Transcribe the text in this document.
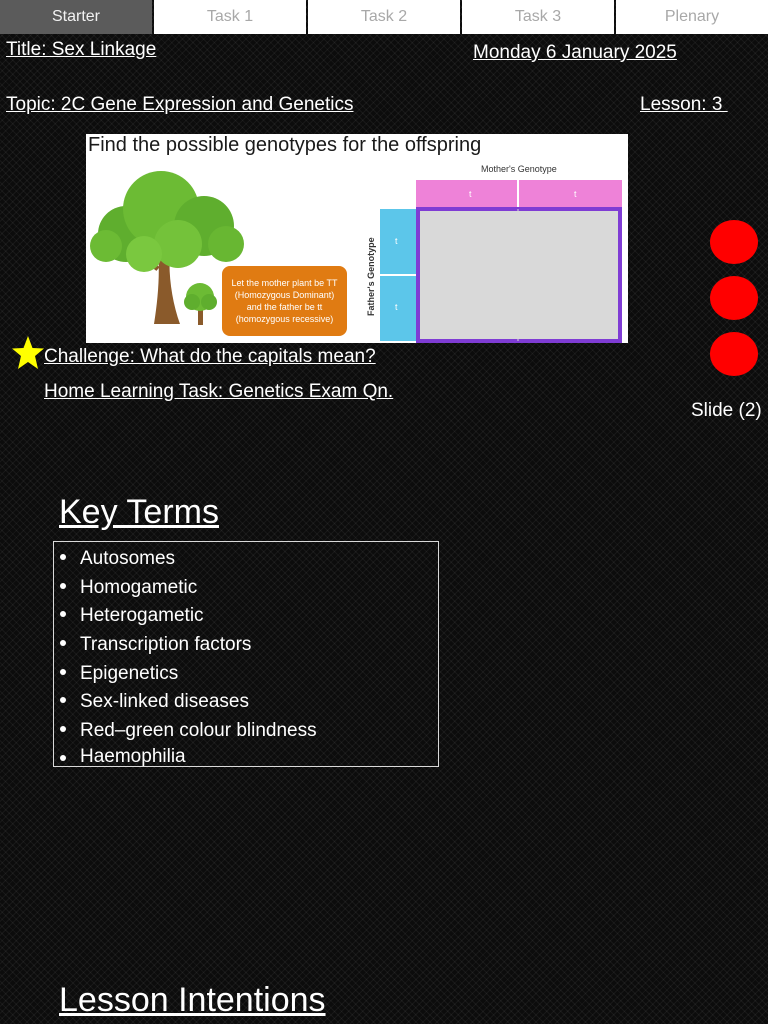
Starter	Task 1	Task 2	Task 3	Plenary
Title: Sex Linkage	Monday 6 January 2025
Topic: 2C Gene Expression and Genetics	Lesson: 3
Find the possible genotypes for the offspring
Mother's Genotype
t	t
t
t
Father's Genotype
Let the mother plant be TT (Homozygous Dominant) and the father be tt (homozygous recessive)
Challenge: What do the capitals mean?
Home Learning Task: Genetics Exam Qn.
Slide (2)
Key Terms
Autosomes
Homogametic
Heterogametic
Transcription factors
Epigenetics
Sex-linked diseases
Red–green colour blindness
Haemophilia
Lesson Intentions
